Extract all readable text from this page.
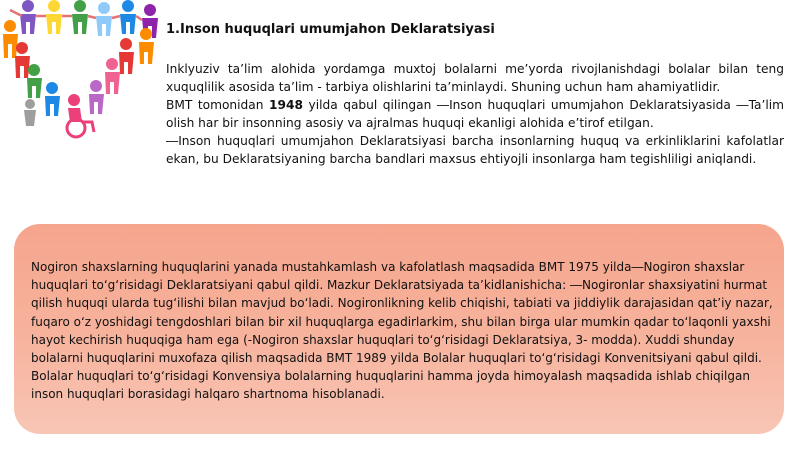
1.Inson huquqlari umumjahon Deklaratsiyasi

Inklyuziv ta’lim alohida yordamga muxtoj bolalarni me’yorda rivojlanishdagi bolalar bilan teng xuquqlilik asosida ta’lim - tarbiya olishlarini ta’minlaydi. Shuning uchun ham ahamiyatlidir.

BMT tomonidan 1948 yilda qabul qilingan ―Inson huquqlari umumjahon Deklaratsiyasida ―Ta’lim olish har bir insonning asosiy va ajralmas huquqi ekanligi alohida e’tirof etilgan.

―Inson huquqlari umumjahon Deklaratsiyasi barcha insonlarning huquq va erkinliklarini kafolatlar ekan, bu Deklaratsiyaning barcha bandlari maxsus ehtiyojli insonlarga ham tegishliligi aniqlandi.

Nogiron shaxslarning huquqlarini yanada mustahkamlash va kafolatlash maqsadida BMT 1975 yilda―Nogiron shaxslar huquqlari to‘g‘risidagi Deklaratsiyani qabul qildi. Mazkur Deklaratsiyada ta’kidlanishicha: ―Nogironlar shaxsiyatini hurmat qilish huquqi ularda tug‘ilishi bilan mavjud bo‘ladi. Nogironlikning kelib chiqishi, tabiati va jiddiylik darajasidan qat’iy nazar, fuqaro o‘z yoshidagi tengdoshlari bilan bir xil huquqlarga egadirlarkim, shu bilan birga ular mumkin qadar to‘laqonli yaxshi hayot kechirish huquqiga ham ega (-Nogiron shaxslar huquqlari to‘g‘risidagi Deklaratsiya, 3- modda). Xuddi shunday bolalarni huquqlarini muxofaza qilish maqsadida BMT 1989 yilda Bolalar huquqlari to‘g‘risidagi Konvenitsiyani qabul qildi. Bolalar huquqlari to‘g‘risidagi Konvensiya bolalarning huquqlarini hamma joyda himoyalash maqsadida ishlab chiqilgan inson huquqlari borasidagi halqaro shartnoma hisoblanadi.
